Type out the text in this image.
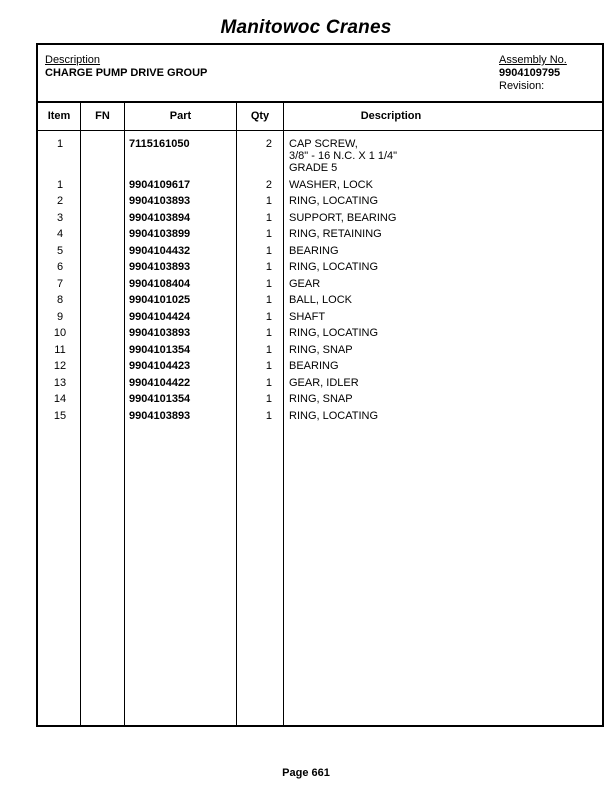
Manitowoc Cranes
Description
CHARGE PUMP DRIVE GROUP
Assembly No.
9904109795
Revision:
Item	FN	Part	Qty	Description
1	7115161050	2 CAP SCREW,
3/8" - 16 N.C. X 1 1/4"
GRADE 5
1	9904109617	2 WASHER, LOCK
2	9904103893	1 RING, LOCATING
3	9904103894	1 SUPPORT, BEARING
4	9904103899	1 RING, RETAINING
5	9904104432	1 BEARING
6	9904103893	1 RING, LOCATING
7	9904108404	1 GEAR
8	9904101025	1 BALL, LOCK
9	9904104424	1 SHAFT
10	9904103893	1 RING, LOCATING
11	9904101354	1 RING, SNAP
12	9904104423	1 BEARING
13	9904104422	1 GEAR, IDLER
14	9904101354	1 RING, SNAP
15	9904103893	1 RING, LOCATING
Page 661
